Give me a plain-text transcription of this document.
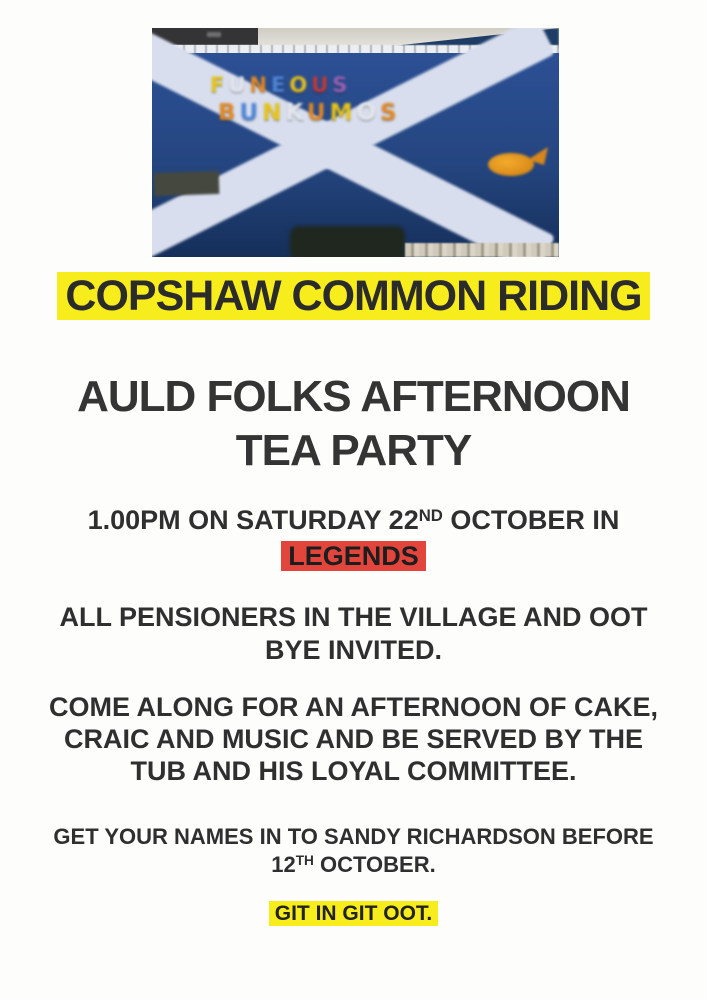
FUNEOUS
BUNKUMOS
COPSHAW COMMON RIDING
AULD FOLKS AFTERNOON
TEA PARTY
1.00PM ON SATURDAY 22ND OCTOBER IN
LEGENDS
ALL PENSIONERS IN THE VILLAGE AND OOT
BYE INVITED.
COME ALONG FOR AN AFTERNOON OF CAKE,
CRAIC AND MUSIC AND BE SERVED BY THE
TUB AND HIS LOYAL COMMITTEE.
GET YOUR NAMES IN TO SANDY RICHARDSON BEFORE
12TH OCTOBER.
GIT IN GIT OOT.
